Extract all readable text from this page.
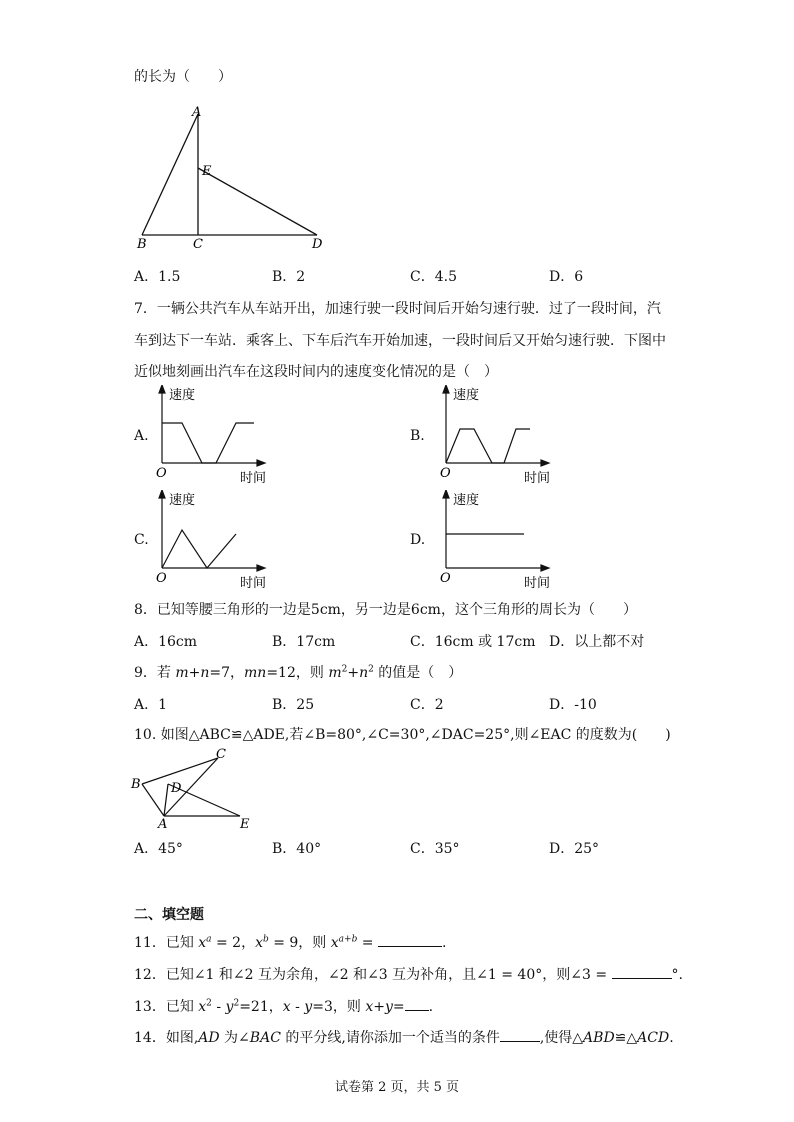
的长为（　　）
A
E
B	C	D
A．1.5	B．2	C．4.5	D．6
7．一辆公共汽车从车站开出，加速行驶一段时间后开始匀速行驶．过了一段时间，汽
车到达下一车站．乘客上、下车后汽车开始加速，一段时间后又开始匀速行驶．下图中
近似地刻画出汽车在这段时间内的速度变化情况的是（　）
A.	B.
C.	D.
速度
O	时间
速度
O	时间
速度
O	时间
速度
O	时间
8．已知等腰三角形的一边是5cm，另一边是6cm，这个三角形的周长为（　　）
A．16cm	B．17cm	C．16cm 或 17cm D．以上都不对
9．若 m+n=7，mn=12，则 $m^2+n^2$ 的值是（　）
A．1	B．25	C．2	D．-10
10. 如图△ABC≌△ADE,若∠B=80°,∠C=30°,∠DAC=25°,则∠EAC 的度数为(　　)
B
C
D
A	E
A．45°	B．40°	C．35°	D．25°
二、填空题
11．已知 $x^a = 2$，$x^b = 9$，则 $x^{a+b}$ =	.
12．已知∠1 和∠2 互为余角，∠2 和∠3 互为补角，且∠1 = 40°，则∠3 =	°.
13．已知 $x^2 - y^2=21$，x - y=3，则 x+y= .
14．如图,AD 为∠BAC 的平分线,请你添加一个适当的条件	,使得△ABD≌△ACD.
试卷第 2 页，共 5 页
